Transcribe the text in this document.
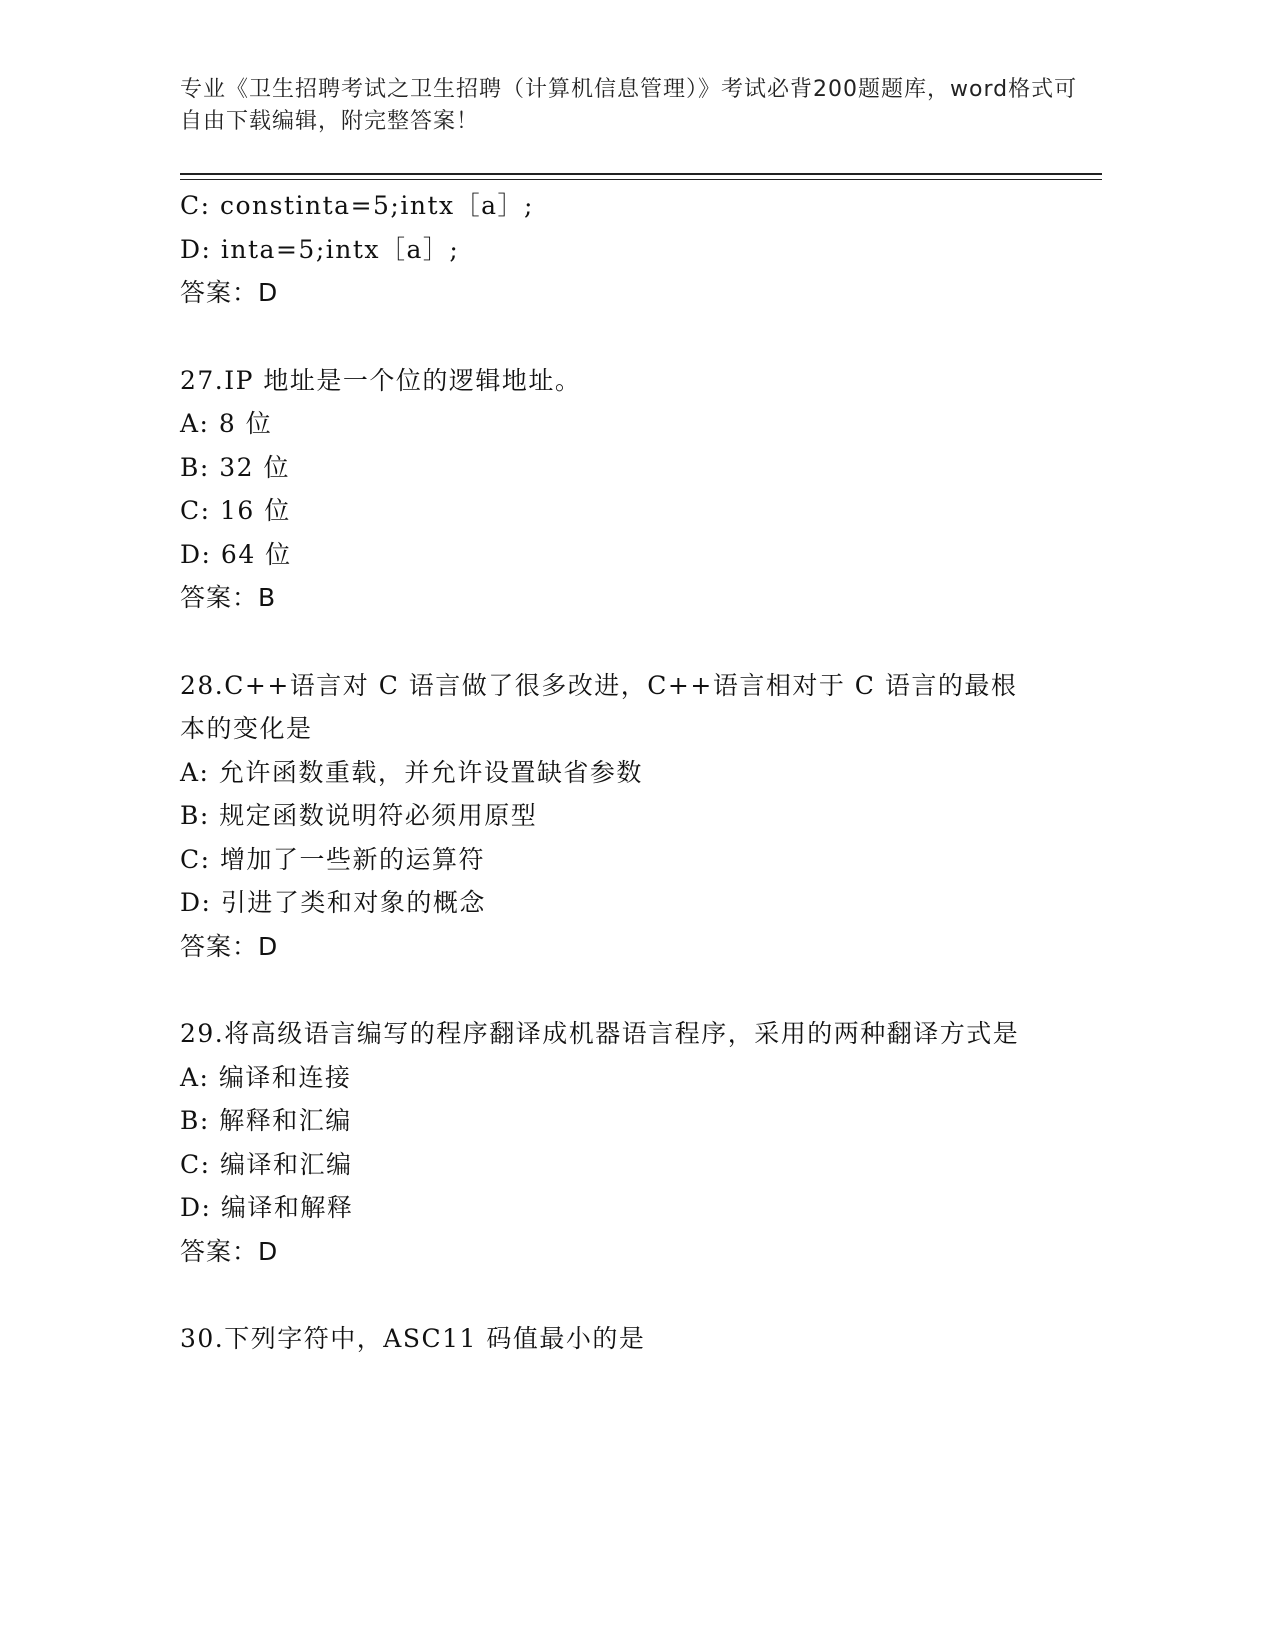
专业《卫生招聘考试之卫生招聘（计算机信息管理）》考试必背200题题库，word格式可自由下载编辑，附完整答案！
C: constinta=5;intx［a］;
D: inta=5;intx［a］;
答案：D
27.IP 地址是一个位的逻辑地址。
A: 8 位
B: 32 位
C: 16 位
D: 64 位
答案：B
28.C++语言对 C 语言做了很多改进，C++语言相对于 C 语言的最根本的变化是
A: 允许函数重载，并允许设置缺省参数
B: 规定函数说明符必须用原型
C: 增加了一些新的运算符
D: 引进了类和对象的概念
答案：D
29.将高级语言编写的程序翻译成机器语言程序，采用的两种翻译方式是
A: 编译和连接
B: 解释和汇编
C: 编译和汇编
D: 编译和解释
答案：D
30.下列字符中，ASC11 码值最小的是
